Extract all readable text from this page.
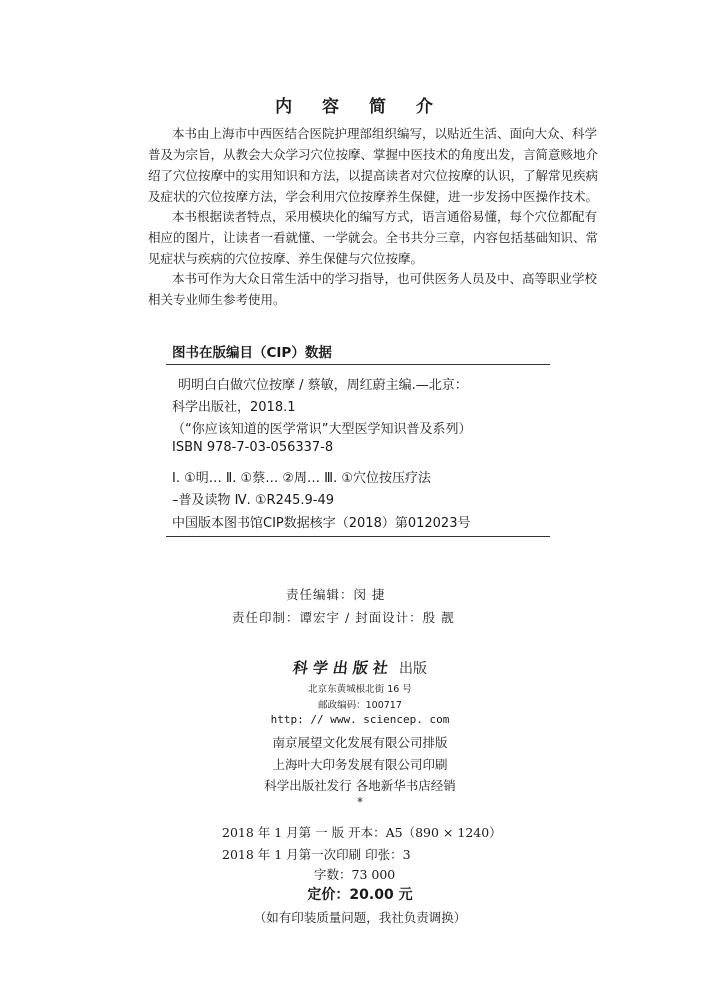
内 容 简 介
本书由上海市中西医结合医院护理部组织编写，以贴近生活、面向大众、科学
普及为宗旨，从教会大众学习穴位按摩、掌握中医技术的角度出发，言简意赅地介
绍了穴位按摩中的实用知识和方法，以提高读者对穴位按摩的认识，了解常见疾病
及症状的穴位按摩方法，学会利用穴位按摩养生保健，进一步发扬中医操作技术。
本书根据读者特点，采用模块化的编写方式，语言通俗易懂，每个穴位都配有
相应的图片，让读者一看就懂、一学就会。全书共分三章，内容包括基础知识、常
见症状与疾病的穴位按摩、养生保健与穴位按摩。
本书可作为大众日常生活中的学习指导，也可供医务人员及中、高等职业学校
相关专业师生参考使用。
图书在版编目（CIP）数据
明明白白做穴位按摩 / 蔡敏，周红蔚主编.—北京：
科学出版社，2018.1
（“你应该知道的医学常识”大型医学知识普及系列）
ISBN 978-7-03-056337-8
Ⅰ. ①明… Ⅱ. ①蔡… ②周… Ⅲ. ①穴位按压疗法
–普及读物 Ⅳ. ①R245.9-49
中国版本图书馆CIP数据核字（2018）第012023号
责任编辑：闵 捷
责任印制：谭宏宇 / 封面设计：殷 靓
科学出版社 出版
北京东黄城根北街 16 号
邮政编码：100717
http: // www. sciencep. com
南京展望文化发展有限公司排版
上海叶大印务发展有限公司印刷
科学出版社发行 各地新华书店经销
*
2018 年 1 月第 一 版 开本：A5（890 × 1240）
2018 年 1 月第一次印刷 印张：3
字数：73 000
定价：20.00 元
（如有印装质量问题，我社负责调换）
